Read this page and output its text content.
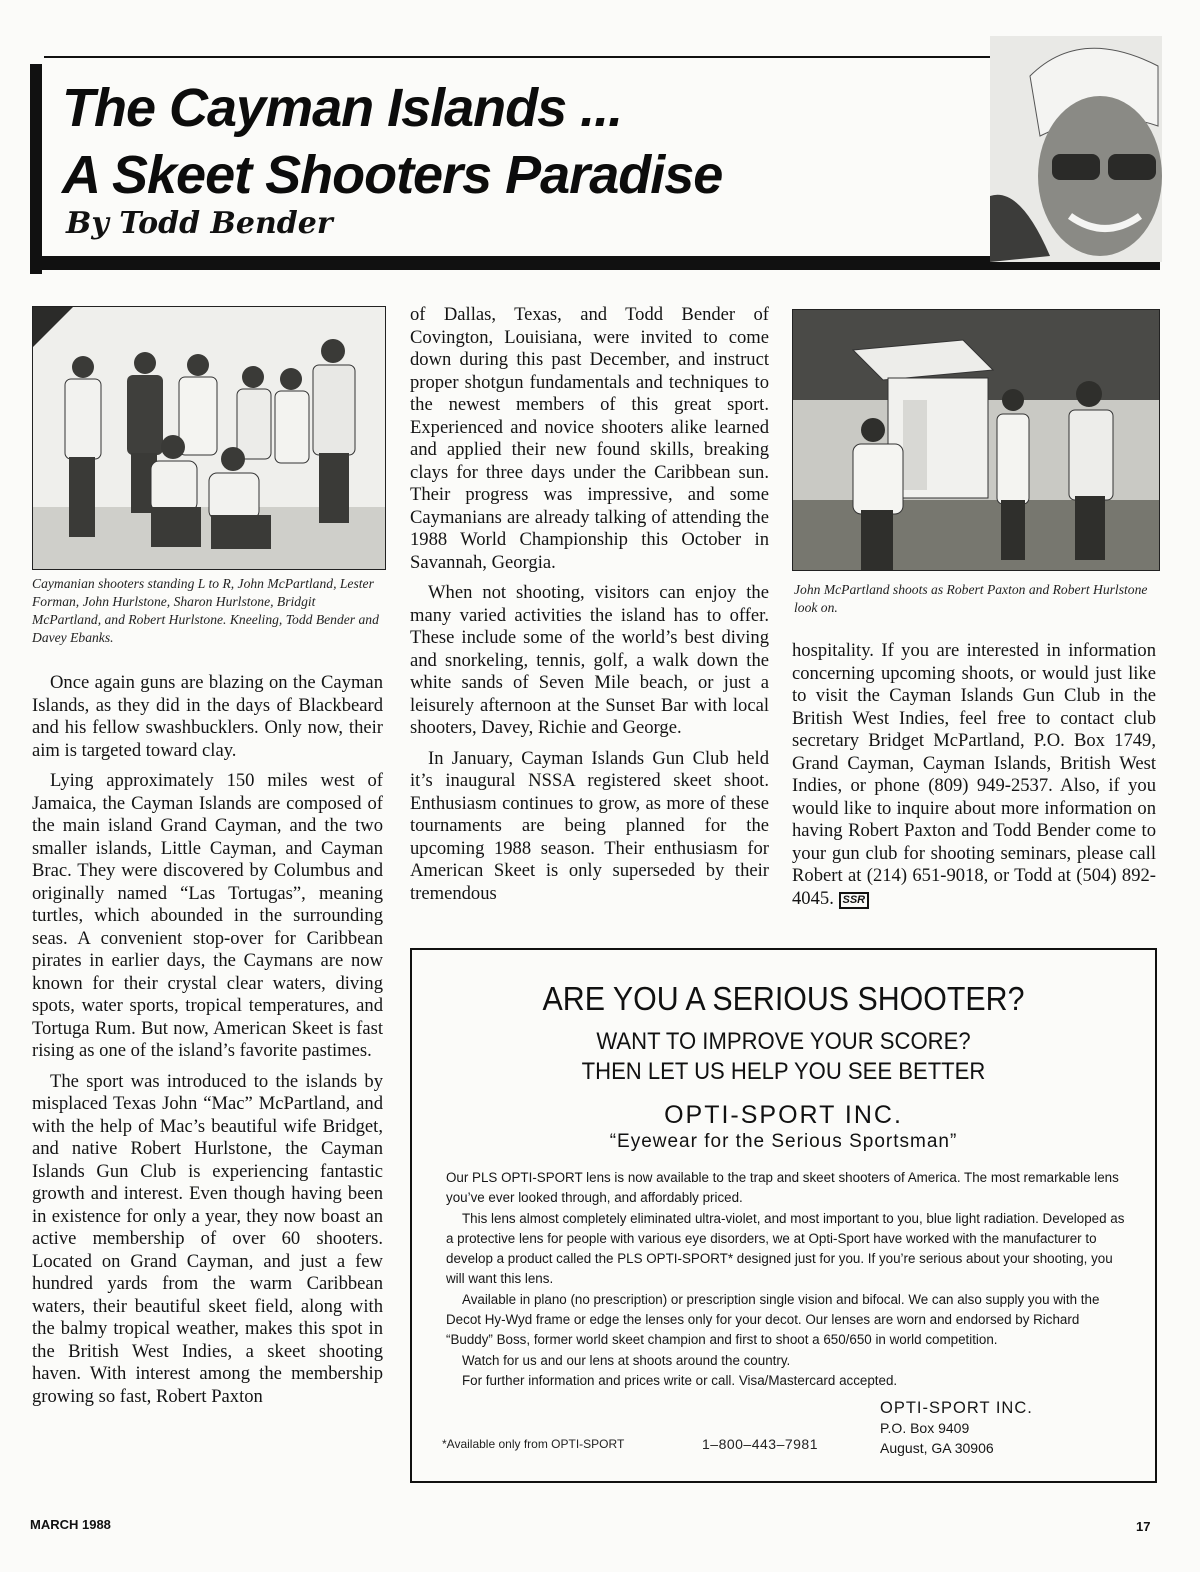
The Cayman Islands ...
A Skeet Shooters Paradise
By Todd Bender
Caymanian shooters standing L to R, John McPartland, Lester Forman, John Hurlstone, Sharon Hurlstone, Bridgit McPartland, and Robert Hurlstone. Kneeling, Todd Bender and Davey Ebanks.
John McPartland shoots as Robert Paxton and Robert Hurlstone look on.

Once again guns are blazing on the Cayman Islands, as they did in the days of Blackbeard and his fellow swashbucklers. Only now, their aim is targeted toward clay.

Lying approximately 150 miles west of Jamaica, the Cayman Islands are composed of the main island Grand Cayman, and the two smaller islands, Little Cayman, and Cayman Brac. They were discovered by Columbus and originally named “Las Tortugas”, meaning turtles, which abounded in the surrounding seas. A convenient stop-over for Caribbean pirates in earlier days, the Caymans are now known for their crystal clear waters, diving spots, water sports, tropical temperatures, and Tortuga Rum. But now, American Skeet is fast rising as one of the island’s favorite pastimes.

The sport was introduced to the islands by misplaced Texas John “Mac” McPartland, and with the help of Mac’s beautiful wife Bridget, and native Robert Hurlstone, the Cayman Islands Gun Club is experiencing fantastic growth and interest. Even though having been in existence for only a year, they now boast an active membership of over 60 shooters. Located on Grand Cayman, and just a few hundred yards from the warm Caribbean waters, their beautiful skeet field, along with the balmy tropical weather, makes this spot in the British West Indies, a skeet shooting haven. With interest among the membership growing so fast, Robert Paxton

of Dallas, Texas, and Todd Bender of Covington, Louisiana, were invited to come down during this past December, and instruct proper shotgun fundamentals and techniques to the newest members of this great sport. Experienced and novice shooters alike learned and applied their new found skills, breaking clays for three days under the Caribbean sun. Their progress was impressive, and some Caymanians are already talking of attending the 1988 World Championship this October in Savannah, Georgia.

When not shooting, visitors can enjoy the many varied activities the island has to offer. These include some of the world’s best diving and snorkeling, tennis, golf, a walk down the white sands of Seven Mile beach, or just a leisurely afternoon at the Sunset Bar with local shooters, Davey, Richie and George.

In January, Cayman Islands Gun Club held it’s inaugural NSSA registered skeet shoot. Enthusiasm continues to grow, as more of these tournaments are being planned for the upcoming 1988 season. Their enthusiasm for American Skeet is only superseded by their tremendous

hospitality. If you are interested in information concerning upcoming shoots, or would just like to visit the Cayman Islands Gun Club in the British West Indies, feel free to contact club secretary Bridget McPartland, P.O. Box 1749, Grand Cayman, Cayman Islands, British West Indies, or phone (809) 949-2537. Also, if you would like to inquire about more information on having Robert Paxton and Todd Bender come to your gun club for shooting seminars, please call Robert at (214) 651-9018, or Todd at (504) 892-4045. SSR

ARE YOU A SERIOUS SHOOTER?
WANT TO IMPROVE YOUR SCORE?
THEN LET US HELP YOU SEE BETTER
OPTI-SPORT INC.
“Eyewear for the Serious Sportsman”

Our PLS OPTI-SPORT lens is now available to the trap and skeet shooters of America. The most remarkable lens you’ve ever looked through, and affordably priced.

This lens almost completely eliminated ultra-violet, and most important to you, blue light radiation. Developed as a protective lens for people with various eye disorders, we at Opti-Sport have worked with the manufacturer to develop a product called the PLS OPTI-SPORT* designed just for you. If you’re serious about your shooting, you will want this lens.

Available in plano (no prescription) or prescription single vision and bifocal. We can also supply you with the Decot Hy-Wyd frame or edge the lenses only for your decot. Our lenses are worn and endorsed by Richard “Buddy” Boss, former world skeet champion and first to shoot a 650/650 in world competition.

Watch for us and our lens at shoots around the country.

For further information and prices write or call. Visa/Mastercard accepted.

OPTI-SPORT INC.
P.O. Box 9409
August, GA 30906
*Available only from OPTI-SPORT	1–800–443–7981
MARCH 1988	17
